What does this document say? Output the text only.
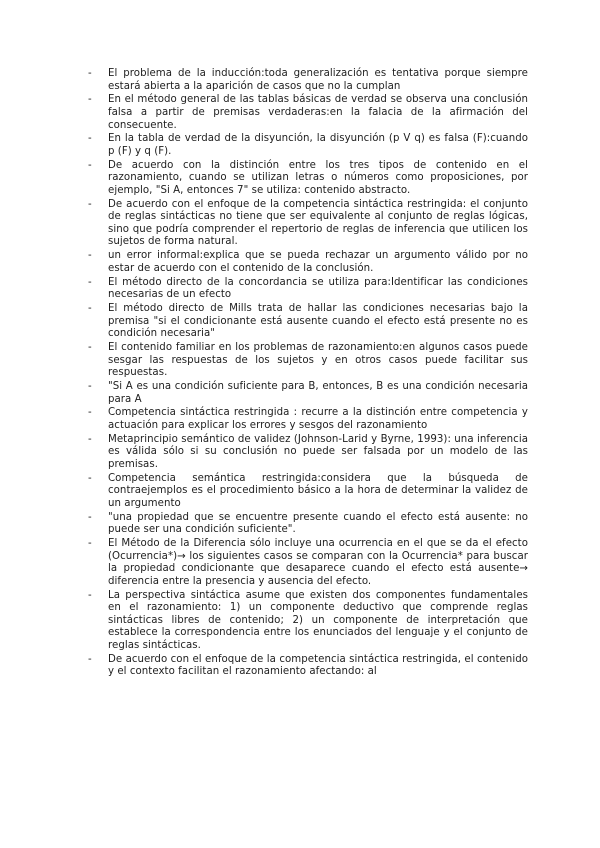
- El problema de la inducción:toda generalización es tentativa porque siempre estará abierta a la aparición de casos que no la cumplan
- En el método general de las tablas básicas de verdad se observa una conclusión falsa a partir de premisas verdaderas:en la falacia de la afirmación del consecuente.
- En la tabla de verdad de la disyunción, la disyunción (p V q) es falsa (F):cuando p (F) y q (F).
- De acuerdo con la distinción entre los tres tipos de contenido en el razonamiento, cuando se utilizan letras o números como proposiciones, por ejemplo, "Si A, entonces 7" se utiliza: contenido abstracto.
- De acuerdo con el enfoque de la competencia sintáctica restringida: el conjunto de reglas sintácticas no tiene que ser equivalente al conjunto de reglas lógicas, sino que podría comprender el repertorio de reglas de inferencia que utilicen los sujetos de forma natural.
- un error informal:explica que se pueda rechazar un argumento válido por no estar de acuerdo con el contenido de la conclusión.
- El método directo de la concordancia se utiliza para:Identificar las condiciones necesarias de un efecto
- El método directo de Mills trata de hallar las condiciones necesarias bajo la premisa "si el condicionante está ausente cuando el efecto está presente no es condición necesaria"
- El contenido familiar en los problemas de razonamiento:en algunos casos puede sesgar las respuestas de los sujetos y en otros casos puede facilitar sus respuestas.
- "Si A es una condición suficiente para B, entonces, B es una condición necesaria para A
- Competencia sintáctica restringida : recurre a la distinción entre competencia y actuación para explicar los errores y sesgos del razonamiento
- Metaprincipio semántico de validez (Johnson-Larid y Byrne, 1993): una inferencia es válida sólo si su conclusión no puede ser falsada por un modelo de las premisas.
- Competencia semántica restringida:considera que la búsqueda de contraejemplos es el procedimiento básico a la hora de determinar la validez de un argumento
- "una propiedad que se encuentre presente cuando el efecto está ausente: no puede ser una condición suficiente".
- El Método de la Diferencia sólo incluye una ocurrencia en el que se da el efecto (Ocurrencia*)→ los siguientes casos se comparan con la Ocurrencia* para buscar la propiedad condicionante que desaparece cuando el efecto está ausente→ diferencia entre la presencia y ausencia del efecto.
- La perspectiva sintáctica asume que existen dos componentes fundamentales en el razonamiento: 1) un componente deductivo que comprende reglas sintácticas libres de contenido; 2) un componente de interpretación que establece la correspondencia entre los enunciados del lenguaje y el conjunto de reglas sintácticas.
- De acuerdo con el enfoque de la competencia sintáctica restringida, el contenido y el contexto facilitan el razonamiento afectando: al
